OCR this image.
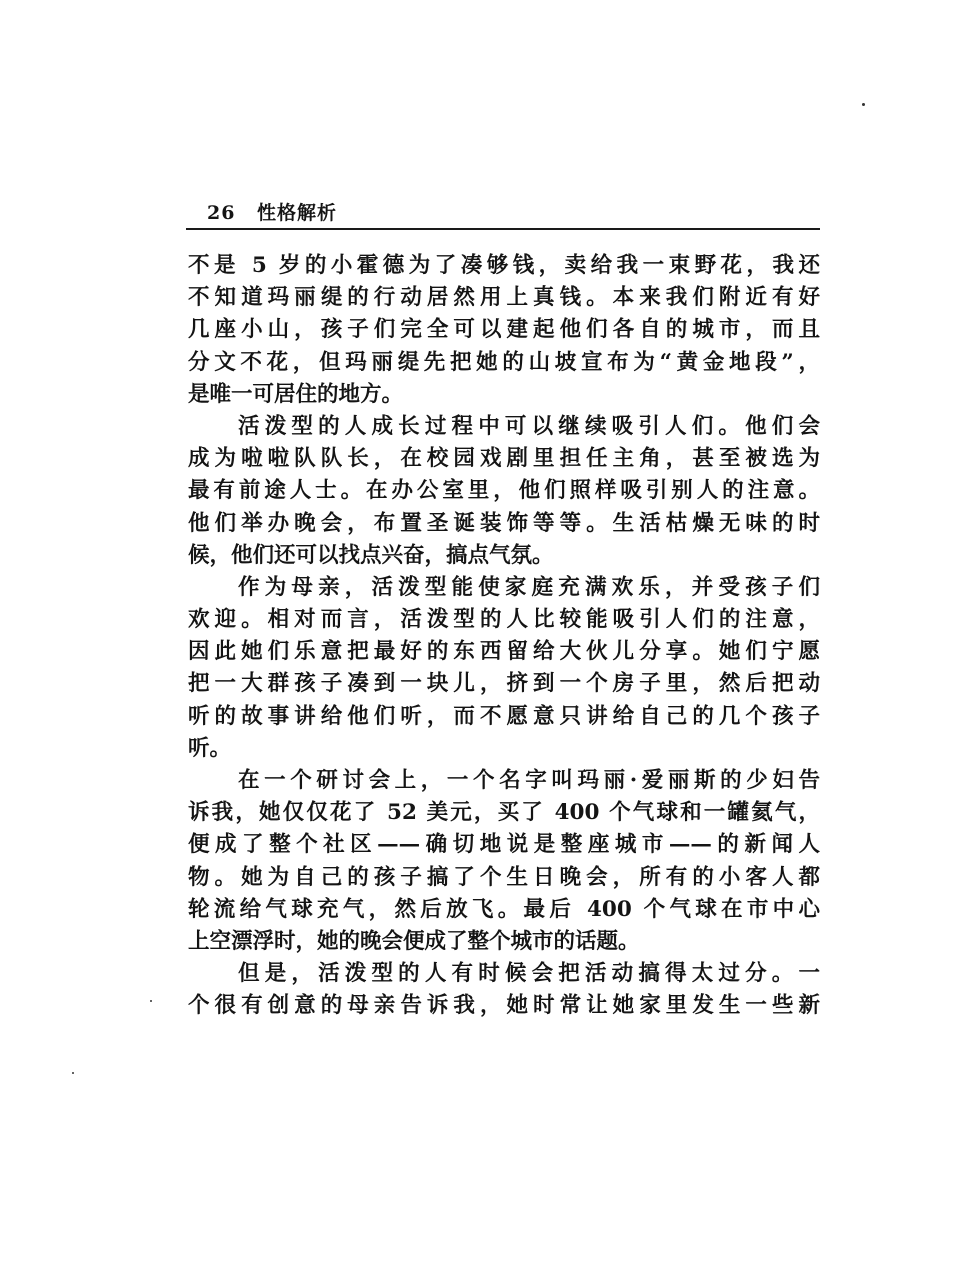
26 性格解析
不是 5 岁的小霍德为了凑够钱，卖给我一束野花，我还
不知道玛丽缇的行动居然用上真钱。本来我们附近有好
几座小山，孩子们完全可以建起他们各自的城市，而且
分文不花，但玛丽缇先把她的山坡宣布为“黄金地段”，
是唯一可居住的地方。
活泼型的人成长过程中可以继续吸引人们。他们会
成为啦啦队队长，在校园戏剧里担任主角，甚至被选为
最有前途人士。在办公室里，他们照样吸引别人的注意。
他们举办晚会，布置圣诞装饰等等。生活枯燥无味的时
候，他们还可以找点兴奋，搞点气氛。
作为母亲，活泼型能使家庭充满欢乐，并受孩子们
欢迎。相对而言，活泼型的人比较能吸引人们的注意，
因此她们乐意把最好的东西留给大伙儿分享。她们宁愿
把一大群孩子凑到一块儿，挤到一个房子里，然后把动
听的故事讲给他们听，而不愿意只讲给自己的几个孩子
听。
在一个研讨会上，一个名字叫玛丽·爱丽斯的少妇告
诉我，她仅仅花了 52 美元，买了 400 个气球和一罐氦气，
便成了整个社区——确切地说是整座城市——的新闻人
物。她为自己的孩子搞了个生日晚会，所有的小客人都
轮流给气球充气，然后放飞。最后 400 个气球在市中心
上空漂浮时，她的晚会便成了整个城市的话题。
但是，活泼型的人有时候会把活动搞得太过分。一
个很有创意的母亲告诉我，她时常让她家里发生一些新
